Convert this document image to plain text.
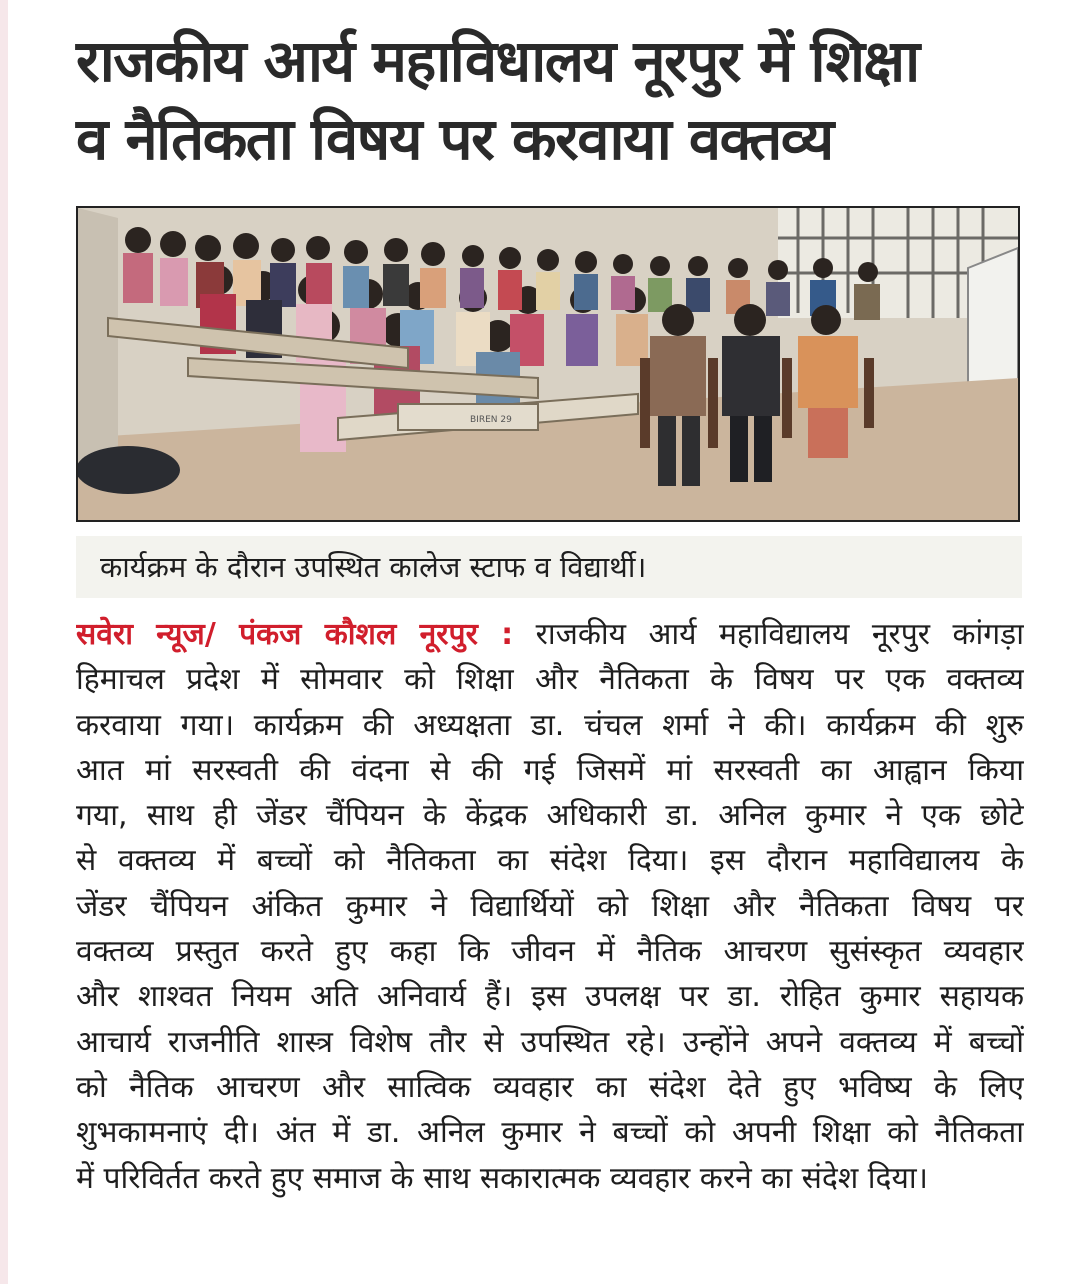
राजकीय आर्य महाविधालय नूरपुर में शिक्षा
व नैतिकता विषय पर करवाया वक्तव्य
BIREN 29
कार्यक्रम के दौरान उपस्थित कालेज स्टाफ व विद्यार्थी।
सवेरा न्यूज/ पंकज कौशल नूरपुर : राजकीय आर्य महाविद्यालय नूरपुर कांगड़ा
हिमाचल प्रदेश में सोमवार को शिक्षा और नैतिकता के विषय पर एक वक्तव्य
करवाया गया। कार्यक्रम की अध्यक्षता डा. चंचल शर्मा ने की। कार्यक्रम की शुरु
आत मां सरस्वती की वंदना से की गई जिसमें मां सरस्वती का आह्वान किया
गया, साथ ही जेंडर चैंपियन के केंद्रक अधिकारी डा. अनिल कुमार ने एक छोटे
से वक्तव्य में बच्चों को नैतिकता का संदेश दिया। इस दौरान महाविद्यालय के
जेंडर चैंपियन अंकित कुमार ने विद्यार्थियों को शिक्षा और नैतिकता विषय पर
वक्तव्य प्रस्तुत करते हुए कहा कि जीवन में नैतिक आचरण सुसंस्कृत व्यवहार
और शाश्वत नियम अति अनिवार्य हैं। इस उपलक्ष पर डा. रोहित कुमार सहायक
आचार्य राजनीति शास्त्र विशेष तौर से उपस्थित रहे। उन्होंने अपने वक्तव्य में बच्चों
को नैतिक आचरण और सात्विक व्यवहार का संदेश देते हुए भविष्य के लिए
शुभकामनाएं दी। अंत में डा. अनिल कुमार ने बच्चों को अपनी शिक्षा को नैतिकता
में परिविर्तत करते हुए समाज के साथ सकारात्मक व्यवहार करने का संदेश दिया।
